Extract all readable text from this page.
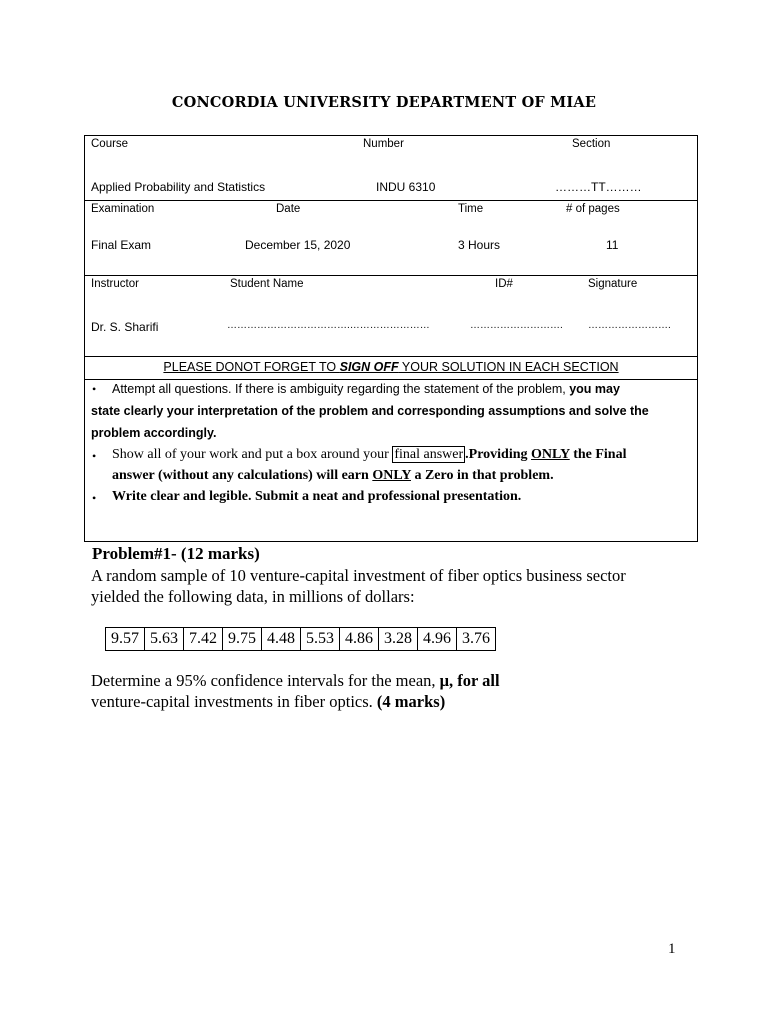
CONCORDIA UNIVERSITY DEPARTMENT OF MIAE
Course	Number	Section
Applied Probability and Statistics	INDU 6310	………TT………
Examination	Date	Time	# of pages
Final Exam	December 15, 2020	3 Hours	11
Instructor	Student Name	ID#	Signature
Dr. S. Sharifi	……………………………….……………………	……………………….	…………………….
PLEASE DONOT FORGET TO SIGN OFF YOUR SOLUTION IN EACH SECTION
• Attempt all questions. If there is ambiguity regarding the statement of the problem, you may
state clearly your interpretation of the problem and corresponding assumptions and solve the
problem accordingly.
• Show all of your work and put a box around your final answer .Providing ONLY the Final
answer (without any calculations) will earn ONLY a Zero in that problem.
• Write clear and legible. Submit a neat and professional presentation.
Problem#1- (12 marks)
A random sample of 10 venture-capital investment of fiber optics business sector
yielded the following data, in millions of dollars:
9.57	5.63	7.42	9.75	4.48	5.53	4.86	3.28	4.96	3.76
Determine a 95% confidence intervals for the mean, μ, for all
venture-capital investments in fiber optics. (4 marks)
1
